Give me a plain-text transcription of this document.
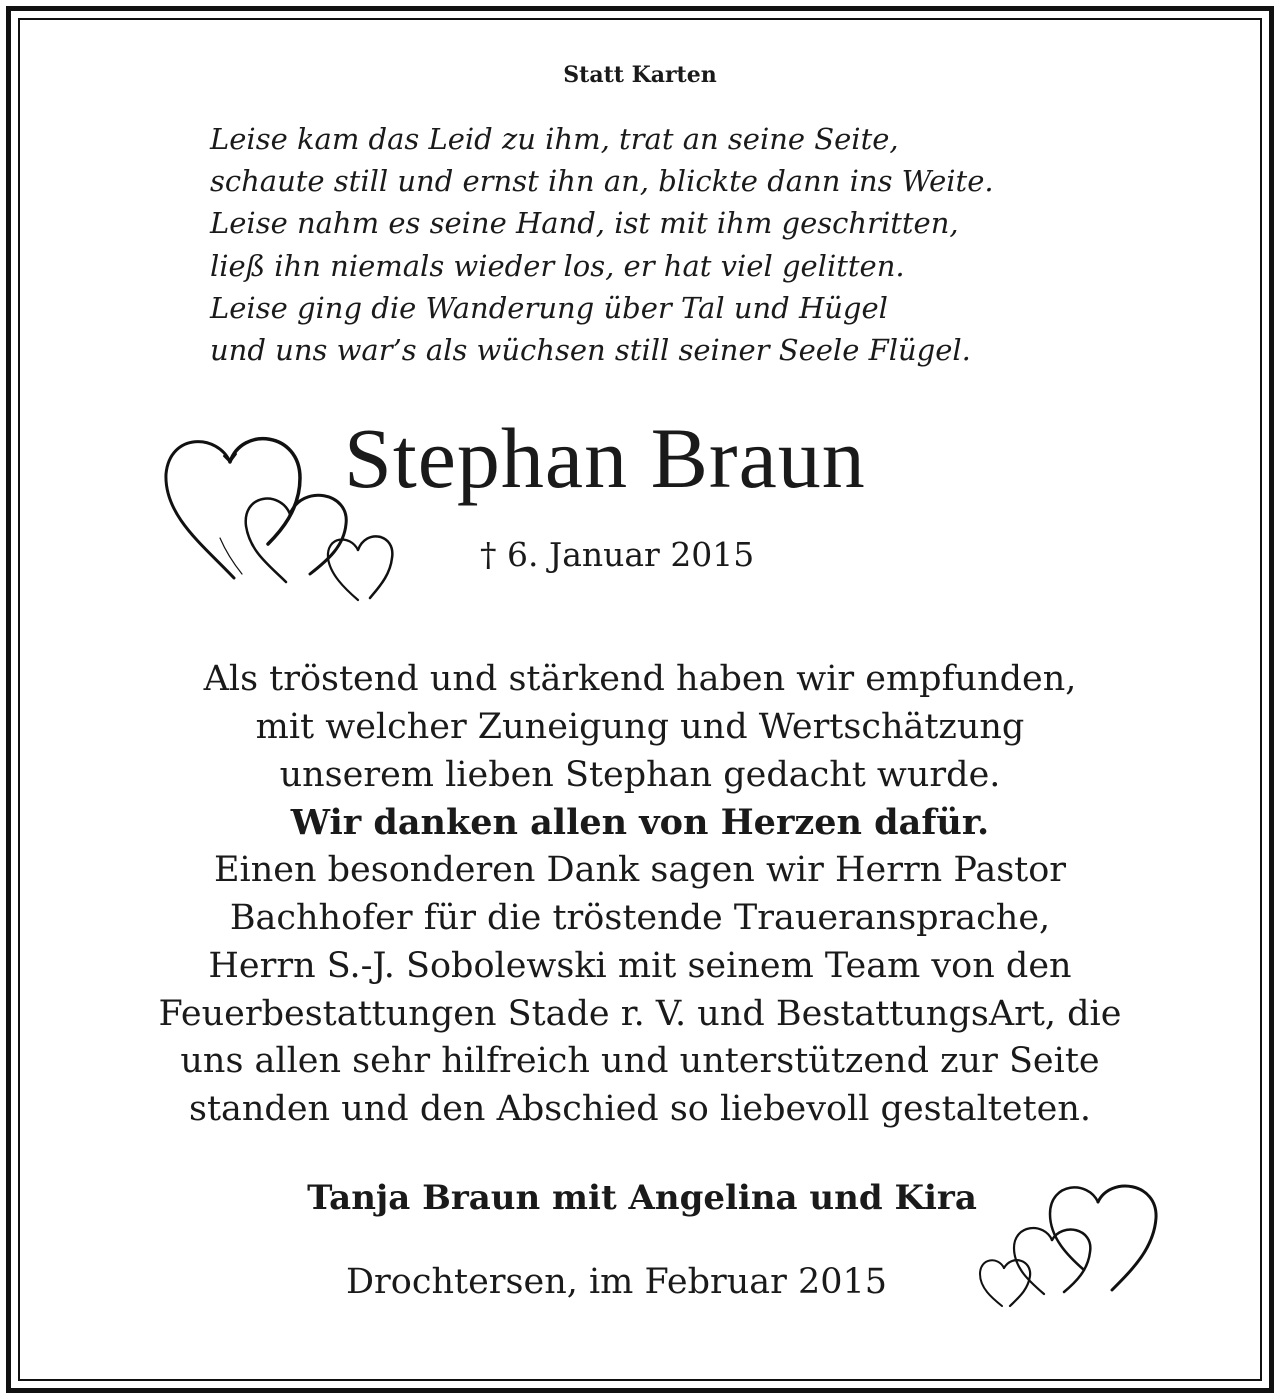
Statt Karten
Leise kam das Leid zu ihm, trat an seine Seite,
schaute still und ernst ihn an, blickte dann ins Weite.
Leise nahm es seine Hand, ist mit ihm geschritten,
ließ ihn niemals wieder los, er hat viel gelitten.
Leise ging die Wanderung über Tal und Hügel
und uns war’s als wüchsen still seiner Seele Flügel.
Stephan Braun
† 6. Januar 2015
Als tröstend und stärkend haben wir empfunden,
mit welcher Zuneigung und Wertschätzung
unserem lieben Stephan gedacht wurde.
Wir danken allen von Herzen dafür.
Einen besonderen Dank sagen wir Herrn Pastor
Bachhofer für die tröstende Traueransprache,
Herrn S.-J. Sobolewski mit seinem Team von den
Feuerbestattungen Stade r. V. und BestattungsArt, die
uns allen sehr hilfreich und unterstützend zur Seite
standen und den Abschied so liebevoll gestalteten.
Tanja Braun mit Angelina und Kira
Drochtersen, im Februar 2015
